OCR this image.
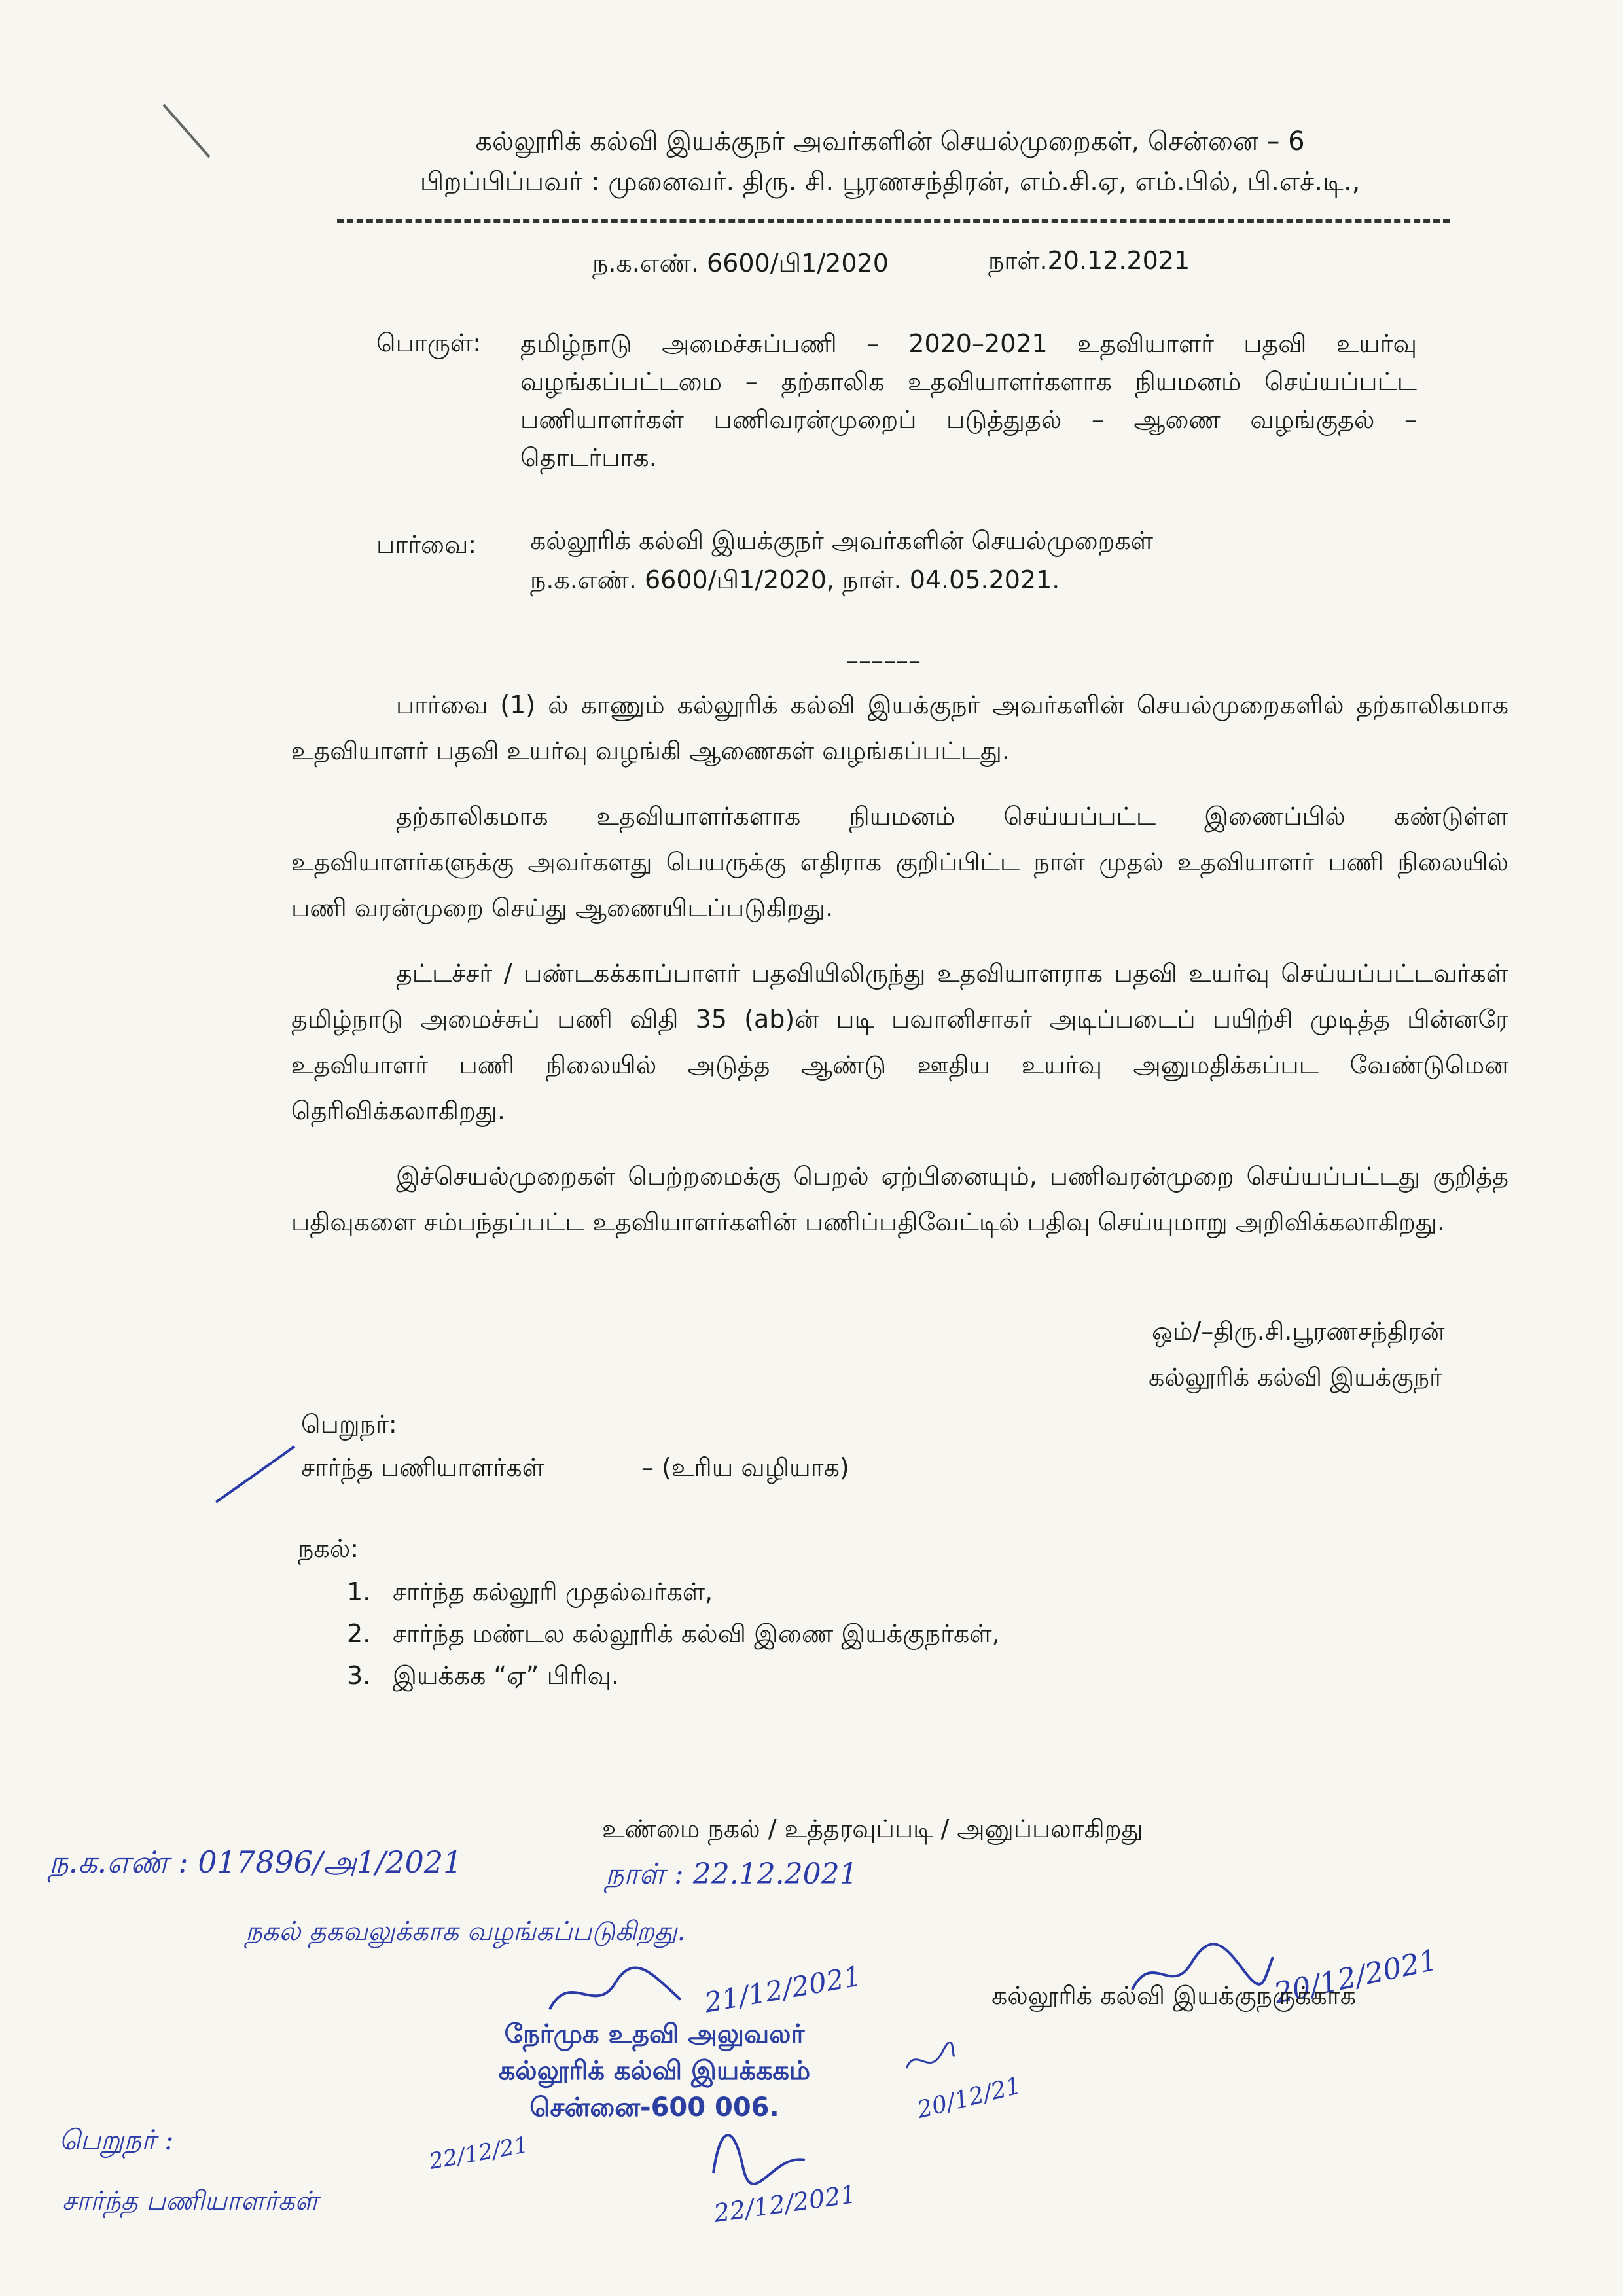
கல்லூரிக் கல்வி இயக்குநர் அவர்களின் செயல்முறைகள், சென்னை – 6
பிறப்பிப்பவர் : முனைவர். திரு. சி. பூரணசந்திரன், எம்.சி.ஏ, எம்.பில், பி.எச்.டி.,
ந.க.எண். 6600/பி1/2020	நாள்.20.12.2021
பொருள்: தமிழ்நாடு அமைச்சுப்பணி – 2020–2021 உதவியாளர் பதவி உயர்வு வழங்கப்பட்டமை – தற்காலிக உதவியாளர்களாக நியமனம் செய்யப்பட்ட பணியாளர்கள் பணிவரன்முறைப் படுத்துதல் – ஆணை வழங்குதல் – தொடர்பாக.
பார்வை: கல்லூரிக் கல்வி இயக்குநர் அவர்களின் செயல்முறைகள்
ந.க.எண். 6600/பி1/2020, நாள். 04.05.2021.
––––––

பார்வை (1) ல் காணும் கல்லூரிக் கல்வி இயக்குநர் அவர்களின் செயல்முறைகளில் தற்காலிகமாக உதவியாளர் பதவி உயர்வு வழங்கி ஆணைகள் வழங்கப்பட்டது.

தற்காலிகமாக உதவியாளர்களாக நியமனம் செய்யப்பட்ட இணைப்பில் கண்டுள்ள உதவியாளர்களுக்கு அவர்களது பெயருக்கு எதிராக குறிப்பிட்ட நாள் முதல் உதவியாளர் பணி நிலையில் பணி வரன்முறை செய்து ஆணையிடப்படுகிறது.

தட்டச்சர் / பண்டகக்காப்பாளர் பதவியிலிருந்து உதவியாளராக பதவி உயர்வு செய்யப்பட்டவர்கள் தமிழ்நாடு அமைச்சுப் பணி விதி 35 (ab)ன் படி பவானிசாகர் அடிப்படைப் பயிற்சி முடித்த பின்னரே உதவியாளர் பணி நிலையில் அடுத்த ஆண்டு ஊதிய உயர்வு அனுமதிக்கப்பட வேண்டுமென தெரிவிக்கலாகிறது.

இச்செயல்முறைகள் பெற்றமைக்கு பெறல் ஏற்பினையும், பணிவரன்முறை செய்யப்பட்டது குறித்த பதிவுகளை சம்பந்தப்பட்ட உதவியாளர்களின் பணிப்பதிவேட்டில் பதிவு செய்யுமாறு அறிவிக்கலாகிறது.

ஒம்/–திரு.சி.பூரணசந்திரன்
கல்லூரிக் கல்வி இயக்குநர்
பெறுநர்:
சார்ந்த பணியாளர்கள்	– (உரிய வழியாக)
நகல்:
1. சார்ந்த கல்லூரி முதல்வர்கள்,
2. சார்ந்த மண்டல கல்லூரிக் கல்வி இணை இயக்குநர்கள்,
3. இயக்கக “ஏ” பிரிவு.
உண்மை நகல் / உத்தரவுப்படி / அனுப்பலாகிறது
ந.க.எண் : 017896/அ1/2021	நாள் : 22.12.2021
நகல் தகவலுக்காக வழங்கப்படுகிறது.
20/12/2021
கல்லூரிக் கல்வி இயக்குநருக்காக
21/12/2021
நேர்முக உதவி அலுவலர்
கல்லூரிக் கல்வி இயக்ககம்
சென்னை-600 006.	20/12/21
பெறுநர் :
சார்ந்த பணியாளர்கள்
22/12/21
22/12/2021
